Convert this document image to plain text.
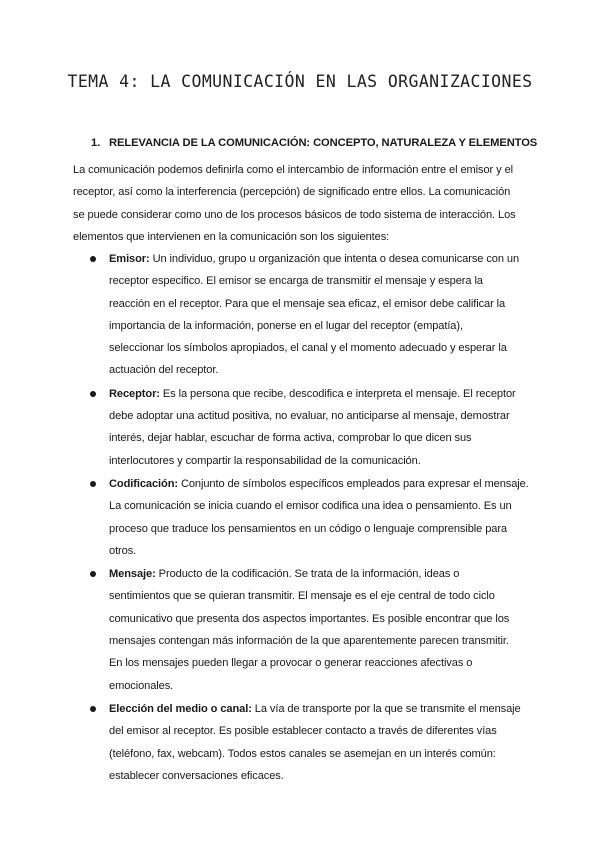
TEMA 4: LA COMUNICACIÓN EN LAS ORGANIZACIONES
1. RELEVANCIA DE LA COMUNICACIÓN: CONCEPTO, NATURALEZA Y ELEMENTOS

La comunicación podemos definirla como el intercambio de información entre el emisor y el
receptor, así como la interferencia (percepción) de significado entre ellos. La comunicación
se puede considerar como uno de los procesos básicos de todo sistema de interacción. Los
elementos que intervienen en la comunicación son los siguientes:

Emisor: Un individuo, grupo u organización que intenta o desea comunicarse con un
receptor especifico. El emisor se encarga de transmitir el mensaje y espera la
reacción en el receptor. Para que el mensaje sea eficaz, el emisor debe calificar la
importancia de la información, ponerse en el lugar del receptor (empatía),
seleccionar los símbolos apropiados, el canal y el momento adecuado y esperar la
actuación del receptor.
Receptor: Es la persona que recibe, descodifica e interpreta el mensaje. El receptor
debe adoptar una actitud positiva, no evaluar, no anticiparse al mensaje, demostrar
interés, dejar hablar, escuchar de forma activa, comprobar lo que dicen sus
interlocutores y compartir la responsabilidad de la comunicación.
Codificación: Conjunto de símbolos específicos empleados para expresar el mensaje.
La comunicación se inicia cuando el emisor codifica una idea o pensamiento. Es un
proceso que traduce los pensamientos en un código o lenguaje comprensible para
otros.
Mensaje: Producto de la codificación. Se trata de la información, ideas o
sentimientos que se quieran transmitir. El mensaje es el eje central de todo ciclo
comunicativo que presenta dos aspectos importantes. Es posible encontrar que los
mensajes contengan más información de la que aparentemente parecen transmitir.
En los mensajes pueden llegar a provocar o generar reacciones afectivas o
emocionales.
Elección del medio o canal: La vía de transporte por la que se transmite el mensaje
del emisor al receptor. Es posible establecer contacto a través de diferentes vías
(teléfono, fax, webcam). Todos estos canales se asemejan en un interés común:
establecer conversaciones eficaces.
